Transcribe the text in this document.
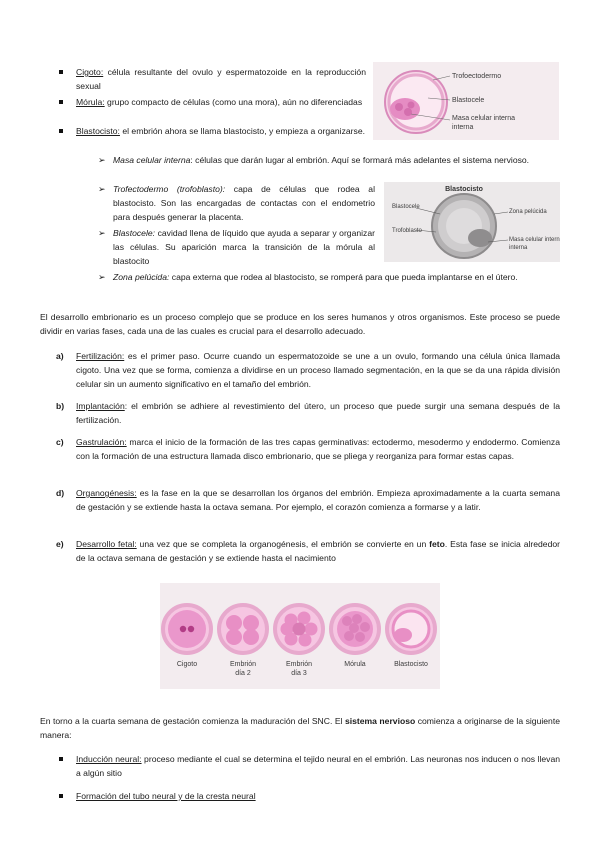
Cigoto: célula resultante del ovulo y espermatozoide en la reproducción sexual
Mórula: grupo compacto de células (como una mora), aún no diferenciadas
Blastocisto: el embrión ahora se llama blastocisto, y empieza a organizarse.
➢ Masa celular interna: células que darán lugar al embrión. Aquí se formará más adelantes el sistema nervioso.
➢ Trofectodermo (trofoblasto): capa de células que rodea al blastocisto. Son las encargadas de contactas con el endometrio para después generar la placenta.
➢ Blastocele: cavidad llena de líquido que ayuda a separar y organizar las células. Su aparición marca la transición de la mórula al blastocito
➢ Zona pelúcida: capa externa que rodea al blastocisto, se romperá para que pueda implantarse en el útero.
Trofoectodermo
Blastocele
Masa celular interna
interna
Blastocisto
Blastocele
Trofoblasto
Zona pelúcida
Masa celular interna
interna
El desarrollo embrionario es un proceso complejo que se produce en los seres humanos y otros organismos. Este proceso se puede dividir en varias fases, cada una de las cuales es crucial para el desarrollo adecuado.
a) Fertilización: es el primer paso. Ocurre cuando un espermatozoide se une a un ovulo, formando una célula única llamada cigoto. Una vez que se forma, comienza a dividirse en un proceso llamado segmentación, en la que se da una rápida división celular sin un aumento significativo en el tamaño del embrión.
b) Implantación: el embrión se adhiere al revestimiento del útero, un proceso que puede surgir una semana después de la fertilización.
c) Gastrulación: marca el inicio de la formación de las tres capas germinativas: ectodermo, mesodermo y endodermo. Comienza con la formación de una estructura llamada disco embrionario, que se pliega y reorganiza para formar estas capas.
d) Organogénesis: es la fase en la que se desarrollan los órganos del embrión. Empieza aproximadamente a la cuarta semana de gestación y se extiende hasta la octava semana. Por ejemplo, el corazón comienza a formarse y a latir.
e) Desarrollo fetal: una vez que se completa la organogénesis, el embrión se convierte en un feto. Esta fase se inicia alrededor de la octava semana de gestación y se extiende hasta el nacimiento
Cigoto	Embrión
día 2
Embrión
día 3
Mórula	Blastocisto
En torno a la cuarta semana de gestación comienza la maduración del SNC. El sistema nervioso comienza a originarse de la siguiente manera:
Inducción neural: proceso mediante el cual se determina el tejido neural en el embrión. Las neuronas nos inducen o nos llevan a algún sitio
Formación del tubo neural y de la cresta neural
